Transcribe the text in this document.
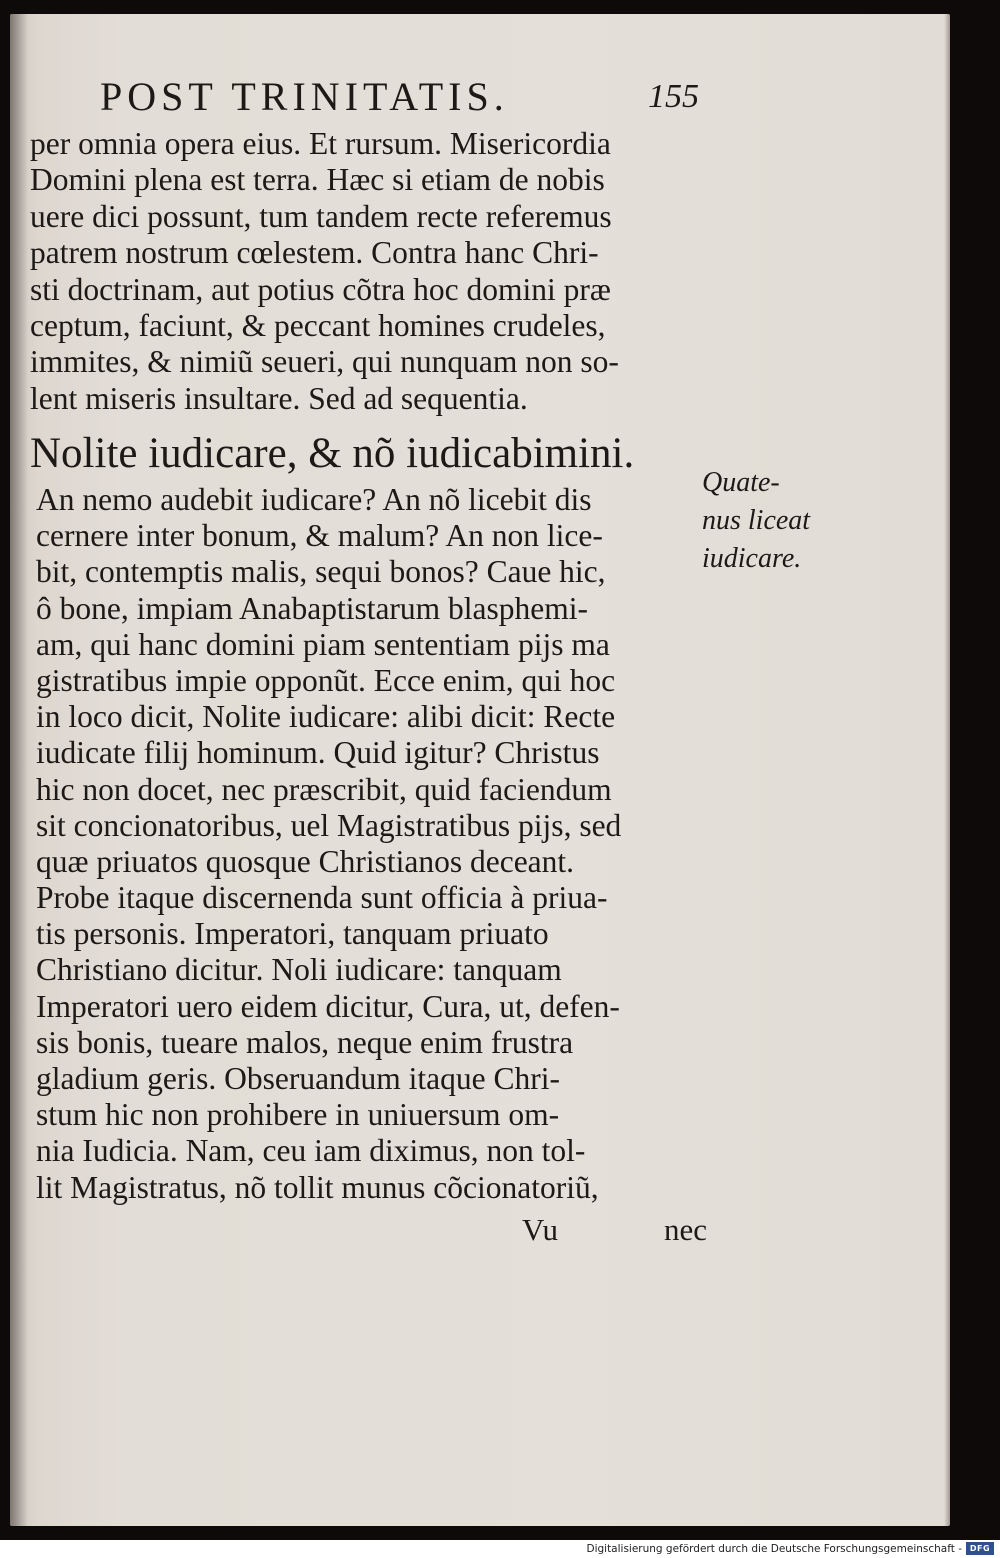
POST TRINITATIS.	155
per omnia opera eius. Et rursum. Misericordia
Domini plena est terra. Hæc si etiam de nobis
uere dici possunt, tum tandem recte referemus
patrem nostrum cœlestem. Contra hanc Chri-
sti doctrinam, aut potius cõtra hoc domini præ
ceptum, faciunt, & peccant homines crudeles,
immites, & nimiũ seueri, qui nunquam non so-
lent miseris insultare. Sed ad sequentia.
Nolite iudicare, & nõ iudicabimini.
Quate-
nus liceat
iudicare.
An nemo audebit iudicare? An nõ licebit dis
cernere inter bonum, & malum? An non lice-
bit, contemptis malis, sequi bonos? Caue hic,
ô bone, impiam Anabaptistarum blasphemi-
am, qui hanc domini piam sententiam pijs ma
gistratibus impie opponũt. Ecce enim, qui hoc
in loco dicit, Nolite iudicare: alibi dicit: Recte
iudicate filij hominum. Quid igitur? Christus
hic non docet, nec præscribit, quid faciendum
sit concionatoribus, uel Magistratibus pijs, sed
quæ priuatos quosque Christianos deceant.
Probe itaque discernenda sunt officia à priua-
tis personis. Imperatori, tanquam priuato
Christiano dicitur. Noli iudicare: tanquam
Imperatori uero eidem dicitur, Cura, ut, defen-
sis bonis, tueare malos, neque enim frustra
gladium geris. Obseruandum itaque Chri-
stum hic non prohibere in uniuersum om-
nia Iudicia. Nam, ceu iam diximus, non tol-
lit Magistratus, nõ tollit munus cõcionatoriũ,
Vu	nec
Digitalisierung gefördert durch die Deutsche Forschungsgemeinschaft - DFG
